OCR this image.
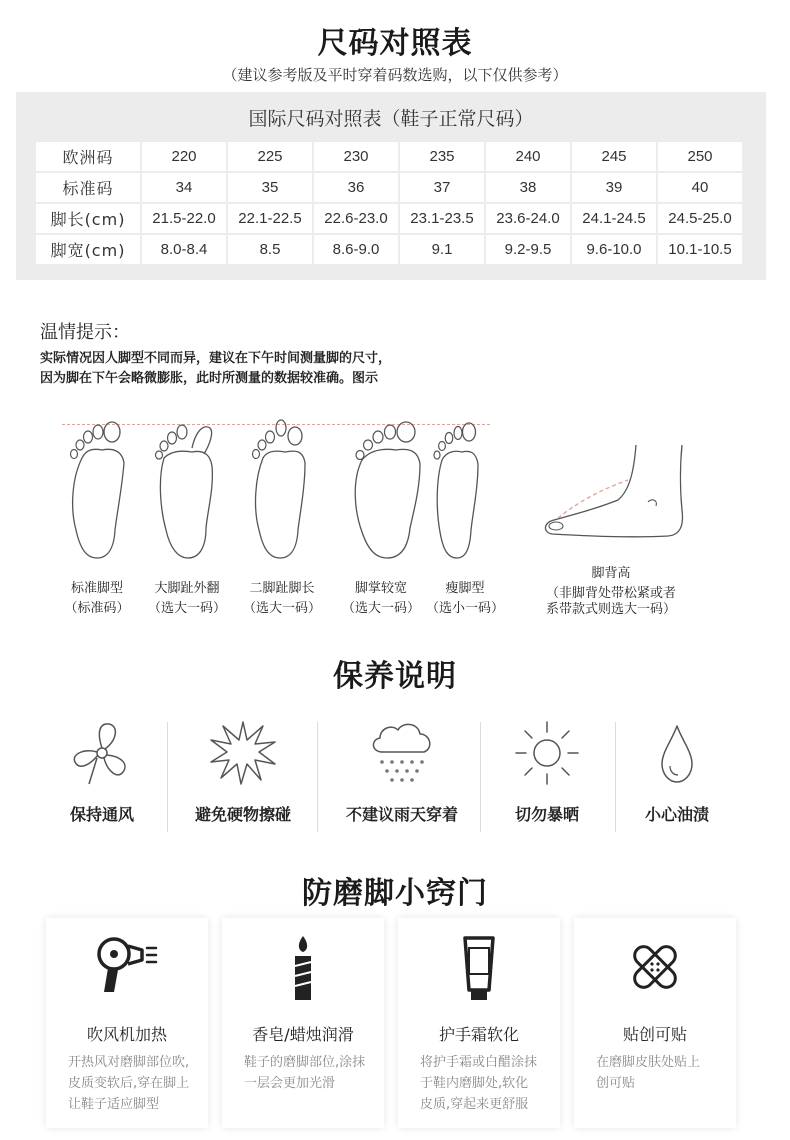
尺码对照表
（建议参考版及平时穿着码数选购，以下仅供参考）
国际尺码对照表（鞋子正常尺码）
欧洲码	220	225	230	235	240	245	250
标准码	34	35	36	37	38	39	40
脚长(cm)	21.5-22.0	22.1-22.5	22.6-23.0	23.1-23.5	23.6-24.0	24.1-24.5	24.5-25.0
脚宽(cm)	8.0-8.4	8.5	8.6-9.0	9.1	9.2-9.5	9.6-10.0	10.1-10.5
温情提示：
实际情况因人脚型不同而异，建议在下午时间测量脚的尺寸，
因为脚在下午会略微膨胀，此时所测量的数据较准确。图示
标准脚型
（标准码）
大脚趾外翻
（选大一码）
二脚趾脚长
（选大一码）
脚掌较宽
（选大一码）
瘦脚型
（选小一码）
脚背高
（非脚背处带松紧或者
系带款式则选大一码）
保养说明
保持通风	避免硬物擦碰	不建议雨天穿着	切勿暴晒	小心油渍
防磨脚小窍门
吹风机加热
开热风对磨脚部位吹,
皮质变软后,穿在脚上
让鞋子适应脚型
香皂/蜡烛润滑
鞋子的磨脚部位,涂抹
一层会更加光滑
护手霜软化
将护手霜或白醋涂抹
于鞋内磨脚处,软化
皮质,穿起来更舒服
贴创可贴
在磨脚皮肤处贴上
创可贴
